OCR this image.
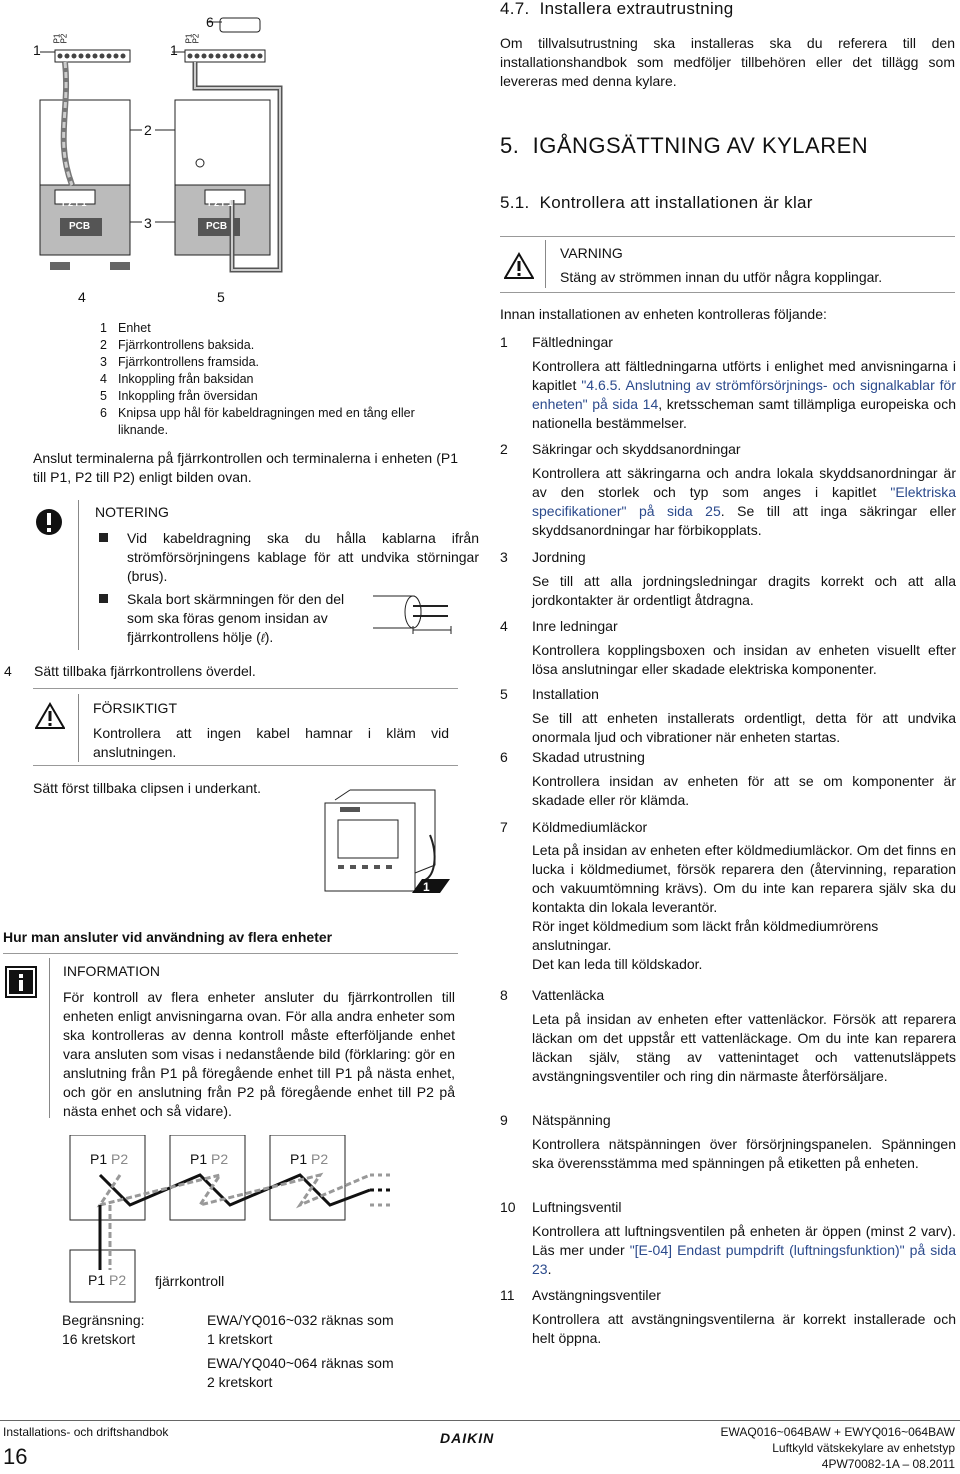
1
P1
P2
6
1
P1
P2
2
3
4	5
P2 P1
PCB
P2 P1
PCB
1 Enhet
2 Fjärrkontrollens baksida.
3 Fjärrkontrollens framsida.
4 Inkoppling från baksidan
5 Inkoppling från översidan
6 Knipsa upp hål för kabeldragningen med en tång eller liknande.

Anslut terminalerna på fjärrkontrollen och terminalerna i enheten (P1 till P1, P2 till P2) enligt bilden ovan.

NOTERING
Vid kabeldragning ska du hålla kablarna ifrån strömförsörjningens kablage för att undvika störningar (brus).
Skala bort skärmningen för den del som ska föras genom insidan av fjärrkontrollens hölje (ℓ).
4 Sätt tillbaka fjärrkontrollens överdel.
FÖRSIKTIGT
Kontrollera att ingen kabel hamnar i kläm vid anslutningen.
Sätt först tillbaka clipsen i underkant.
1
Hur man ansluter vid användning av flera enheter
INFORMATION
För kontroll av flera enheter ansluter du fjärrkontrollen till enheten enligt anvisningarna ovan. För alla andra enheter som ska kontrolleras av denna kontroll måste efterföljande enhet vara ansluten som visas i nedanstående bild (förklaring: gör en anslutning från P1 på föregående enhet till P1 på nästa enhet, och gör en anslutning från P2 på föregående enhet till P2 på nästa enhet och så vidare).
P1 P2	P1 P2	P1 P2
P1 P2 fjärrkontroll
Begränsning:
16 kretskort
EWA/YQ016~032 räknas som
1 kretskort
EWA/YQ040~064 räknas som
2 kretskort
4.7. Installera extrautrustning

Om tillvalsutrustning ska installeras ska du referera till den installationshandbok som medföljer tillbehören eller det tillägg som levereras med denna kylare.

5. IGÅNGSÄTTNING AV KYLAREN
5.1. Kontrollera att installationen är klar
VARNING
Stäng av strömmen innan du utför några kopplingar.
Innan installationen av enheten kontrolleras följande:
1 Fältledningar
Kontrollera att fältledningarna utförts i enlighet med anvisningarna i kapitlet "4.6.5. Anslutning av strömförsörjnings- och signalkablar för enheten" på sida 14, kretsscheman samt tillämpliga europeiska och nationella bestämmelser.
2 Säkringar och skyddsanordningar
Kontrollera att säkringarna och andra lokala skyddsanordningar är av den storlek och typ som anges i kapitlet "Elektriska specifikationer" på sida 25. Se till att inga säkringar eller skyddsanordningar har förbikopplats.
3 Jordning
Se till att alla jordningsledningar dragits korrekt och att alla jordkontakter är ordentligt åtdragna.
4 Inre ledningar
Kontrollera kopplingsboxen och insidan av enheten visuellt efter lösa anslutningar eller skadade elektriska komponenter.
5 Installation
Se till att enheten installerats ordentligt, detta för att undvika onormala ljud och vibrationer när enheten startas.
6 Skadad utrustning
Kontrollera insidan av enheten för att se om komponenter är skadade eller rör klämda.
7 Köldmediumläckor
Leta på insidan av enheten efter köldmediumläckor. Om det finns en lucka i köldmediumet, försök reparera den (återvinning, reparation och vakuumtömning krävs). Om du inte kan reparera själv ska du kontakta din lokala leverantör.
Rör inget köldmedium som läckt från köldmediumrörens anslutningar.
Det kan leda till köldskador.
8 Vattenläcka
Leta på insidan av enheten efter vattenläckor. Försök att reparera läckan om det uppstår ett vattenläckage. Om du inte kan reparera läckan själv, stäng av vattenintaget och vattenutsläppets avstängningsventiler och ring din närmaste återförsäljare.
9 Nätspänning
Kontrollera nätspänningen över försörjningspanelen. Spänningen ska överensstämma med spänningen på etiketten på enheten.
10 Luftningsventil
Kontrollera att luftningsventilen på enheten är öppen (minst 2 varv). Läs mer under "[E-04] Endast pumpdrift (luftningsfunktion)" på sida 23.
11 Avstängningsventiler
Kontrollera att avstängningsventilerna är korrekt installerade och helt öppna.
Installations- och driftshandbok
16
DAIKIN	EWAQ016~064BAW + EWYQ016~064BAW
Luftkyld vätskekylare av enhetstyp
4PW70082-1A – 08.2011
